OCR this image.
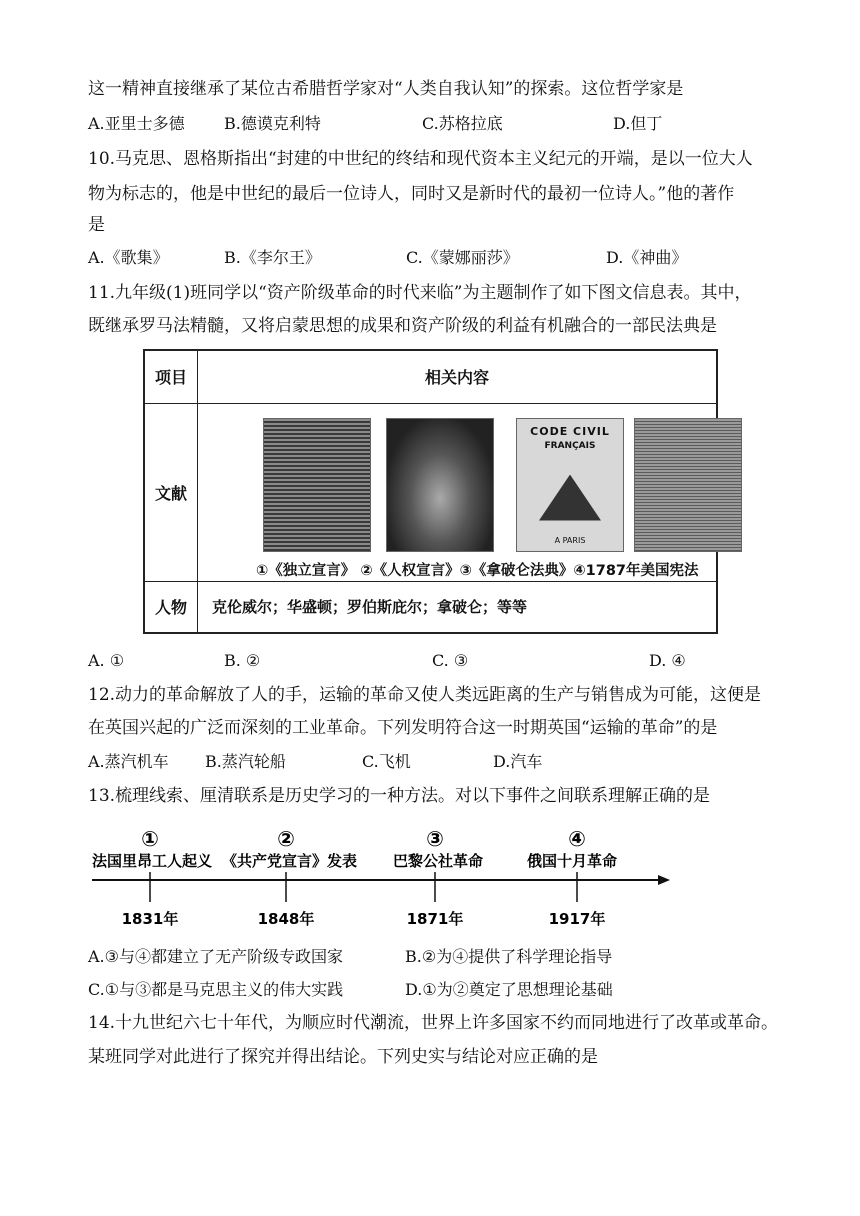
这一精神直接继承了某位古希腊哲学家对“人类自我认知”的探索。这位哲学家是
A.亚里士多德 B.德谟克利特	C.苏格拉底	D.但丁
10.马克思、恩格斯指出“封建的中世纪的终结和现代资本主义纪元的开端，是以一位大人
物为标志的，他是中世纪的最后一位诗人，同时又是新时代的最初一位诗人。”他的著作
是
A.《歌集》	B.《李尔王》	C.《蒙娜丽莎》	D.《神曲》
11.九年级(1)班同学以“资产阶级革命的时代来临”为主题制作了如下图文信息表。其中，
既继承罗马法精髓，又将启蒙思想的成果和资产阶级的利益有机融合的一部民法典是
项目	相关内容
文献	CODE CIVIL
FRANÇAIS
A PARIS
①《独立宣言》 ②《人权宣言》③《拿破仑法典》④1787年美国宪法

人物	克伦威尔；华盛顿；罗伯斯庇尔；拿破仑；等等
A. ①	B. ②	C. ③	D. ④
12.动力的革命解放了人的手，运输的革命又使人类远距离的生产与销售成为可能，这便是
在英国兴起的广泛而深刻的工业革命。下列发明符合这一时期英国“运输的革命”的是
A.蒸汽机车 B.蒸汽轮船	C.飞机	D.汽车
13.梳理线索、厘清联系是历史学习的一种方法。对以下事件之间联系理解正确的是
①
法国里昂工人起义
1831年
②
《共产党宣言》发表
1848年
③
巴黎公社革命
1871年
④
俄国十月革命
1917年
A.③与④都建立了无产阶级专政国家	B.②为④提供了科学理论指导
C.①与③都是马克思主义的伟大实践	D.①为②奠定了思想理论基础
14.十九世纪六七十年代，为顺应时代潮流，世界上许多国家不约而同地进行了改革或革命。
某班同学对此进行了探究并得出结论。下列史实与结论对应正确的是
